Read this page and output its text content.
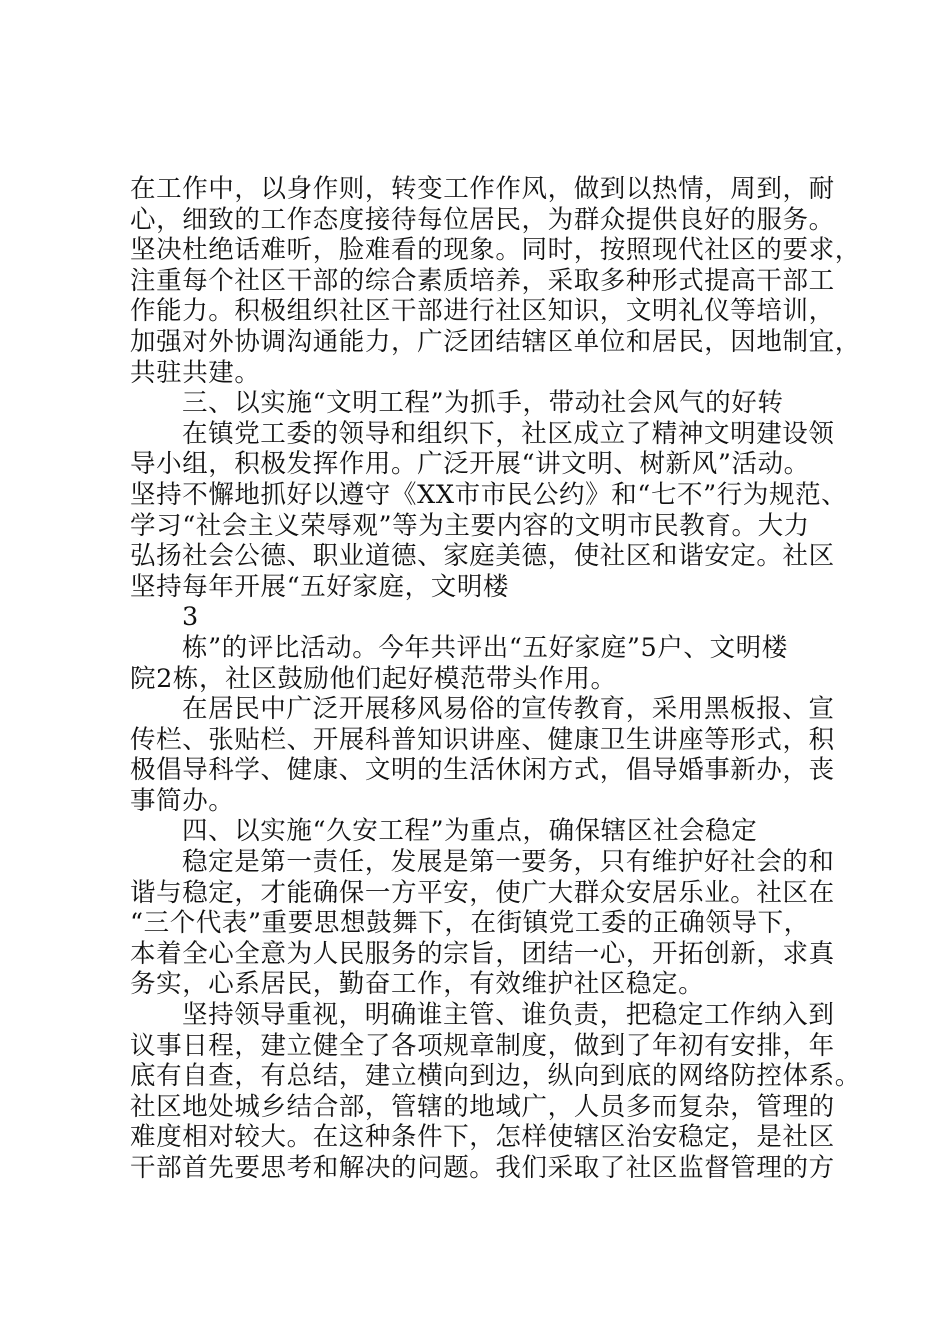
在工作中，以身作则，转变工作作风，做到以热情，周到，耐
心，细致的工作态度接待每位居民，为群众提供良好的服务。
坚决杜绝话难听，脸难看的现象。同时，按照现代社区的要求，
注重每个社区干部的综合素质培养，采取多种形式提高干部工
作能力。积极组织社区干部进行社区知识，文明礼仪等培训，
加强对外协调沟通能力，广泛团结辖区单位和居民，因地制宜，
共驻共建。
三、以实施“文明工程”为抓手，带动社会风气的好转
在镇党工委的领导和组织下，社区成立了精神文明建设领
导小组，积极发挥作用。广泛开展“讲文明、树新风”活动。
坚持不懈地抓好以遵守《XX市市民公约》和“七不”行为规范、
学习“社会主义荣辱观”等为主要内容的文明市民教育。大力
弘扬社会公德、职业道德、家庭美德，使社区和谐安定。社区
坚持每年开展“五好家庭，文明楼
3
栋”的评比活动。今年共评出“五好家庭”5户、文明楼
院2栋，社区鼓励他们起好模范带头作用。
在居民中广泛开展移风易俗的宣传教育，采用黑板报、宣
传栏、张贴栏、开展科普知识讲座、健康卫生讲座等形式，积
极倡导科学、健康、文明的生活休闲方式，倡导婚事新办，丧
事简办。
四、以实施“久安工程”为重点，确保辖区社会稳定
稳定是第一责任，发展是第一要务，只有维护好社会的和
谐与稳定，才能确保一方平安，使广大群众安居乐业。社区在
“三个代表”重要思想鼓舞下，在街镇党工委的正确领导下，
本着全心全意为人民服务的宗旨，团结一心，开拓创新，求真
务实，心系居民，勤奋工作，有效维护社区稳定。
坚持领导重视，明确谁主管、谁负责，把稳定工作纳入到
议事日程，建立健全了各项规章制度，做到了年初有安排，年
底有自查，有总结，建立横向到边，纵向到底的网络防控体系。
社区地处城乡结合部，管辖的地域广，人员多而复杂，管理的
难度相对较大。在这种条件下，怎样使辖区治安稳定，是社区
干部首先要思考和解决的问题。我们采取了社区监督管理的方
